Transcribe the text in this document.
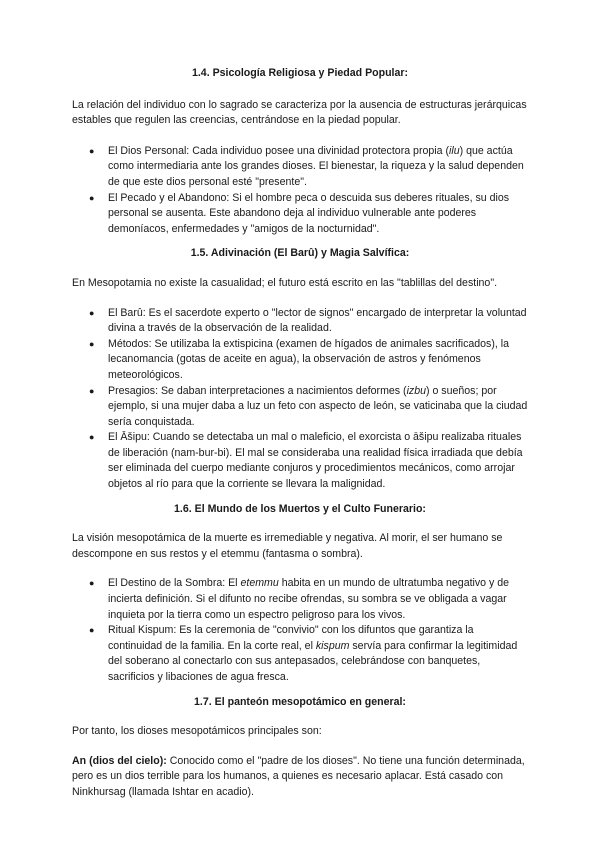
1.4. Psicología Religiosa y Piedad Popular:

La relación del individuo con lo sagrado se caracteriza por la ausencia de estructuras jerárquicas estables que regulen las creencias, centrándose en la piedad popular.

● El Dios Personal: Cada individuo posee una divinidad protectora propia (ilu) que actúa como intermediaria ante los grandes dioses. El bienestar, la riqueza y la salud dependen de que este dios personal esté "presente".
● El Pecado y el Abandono: Si el hombre peca o descuida sus deberes rituales, su dios personal se ausenta. Este abandono deja al individuo vulnerable ante poderes demoníacos, enfermedades y "amigos de la nocturnidad".
1.5. Adivinación (El Barû) y Magia Salvífica:

En Mesopotamia no existe la casualidad; el futuro está escrito en las "tablillas del destino".

● El Barû: Es el sacerdote experto o "lector de signos" encargado de interpretar la voluntad divina a través de la observación de la realidad.
● Métodos: Se utilizaba la extispicina (examen de hígados de animales sacrificados), la lecanomancia (gotas de aceite en agua), la observación de astros y fenómenos meteorológicos.
● Presagios: Se daban interpretaciones a nacimientos deformes (izbu) o sueños; por ejemplo, si una mujer daba a luz un feto con aspecto de león, se vaticinaba que la ciudad sería conquistada.
● El Āšipu: Cuando se detectaba un mal o maleficio, el exorcista o āšipu realizaba rituales de liberación (nam-bur-bi). El mal se consideraba una realidad física irradiada que debía ser eliminada del cuerpo mediante conjuros y procedimientos mecánicos, como arrojar objetos al río para que la corriente se llevara la malignidad.
1.6. El Mundo de los Muertos y el Culto Funerario:

La visión mesopotámica de la muerte es irremediable y negativa. Al morir, el ser humano se descompone en sus restos y el etemmu (fantasma o sombra).

● El Destino de la Sombra: El etemmu habita en un mundo de ultratumba negativo y de incierta definición. Si el difunto no recibe ofrendas, su sombra se ve obligada a vagar inquieta por la tierra como un espectro peligroso para los vivos.
● Ritual Kispum: Es la ceremonia de "convivio" con los difuntos que garantiza la continuidad de la familia. En la corte real, el kispum servía para confirmar la legitimidad del soberano al conectarlo con sus antepasados, celebrándose con banquetes, sacrificios y libaciones de agua fresca.
1.7. El panteón mesopotámico en general:

Por tanto, los dioses mesopotámicos principales son:

An (dios del cielo): Conocido como el "padre de los dioses". No tiene una función determinada, pero es un dios terrible para los humanos, a quienes es necesario aplacar. Está casado con Ninkhursag (llamada Ishtar en acadio).
